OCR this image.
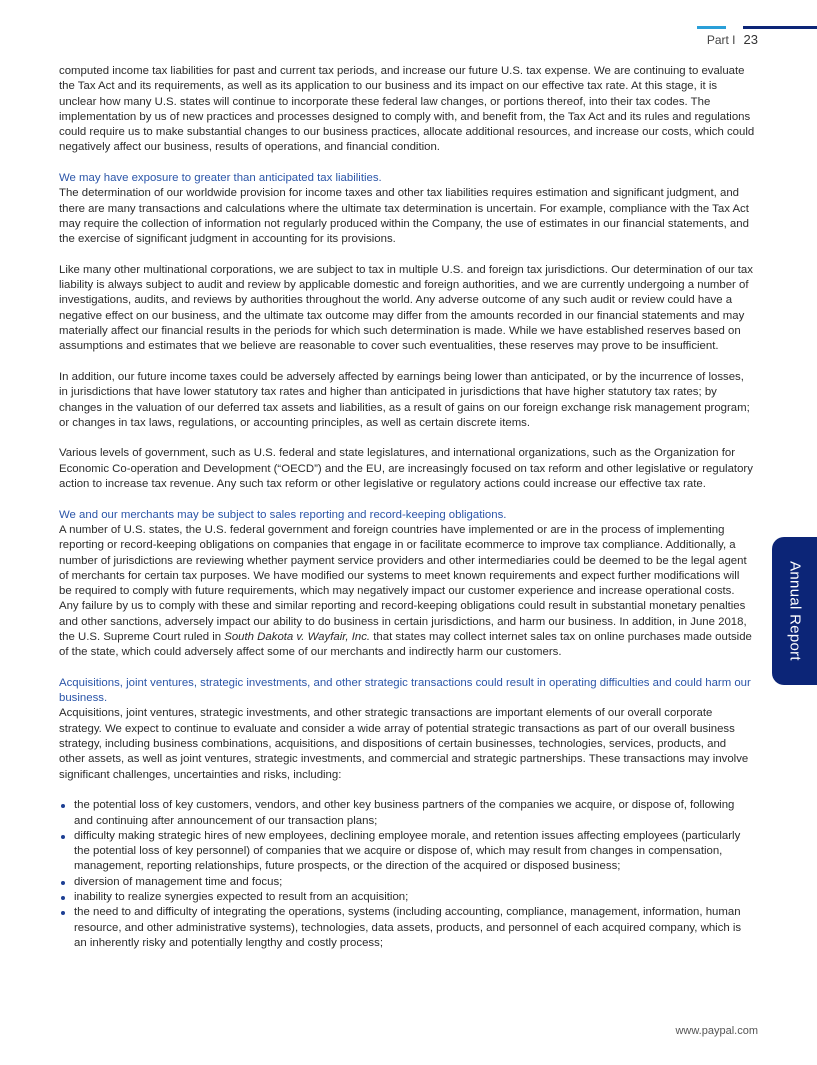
Part I 23

computed income tax liabilities for past and current tax periods, and increase our future U.S. tax expense. We are continuing to evaluate the Tax Act and its requirements, as well as its application to our business and its impact on our effective tax rate. At this stage, it is unclear how many U.S. states will continue to incorporate these federal law changes, or portions thereof, into their tax codes. The implementation by us of new practices and processes designed to comply with, and benefit from, the Tax Act and its rules and regulations could require us to make substantial changes to our business practices, allocate additional resources, and increase our costs, which could negatively affect our business, results of operations, and financial condition.

We may have exposure to greater than anticipated tax liabilities.

The determination of our worldwide provision for income taxes and other tax liabilities requires estimation and significant judgment, and there are many transactions and calculations where the ultimate tax determination is uncertain. For example, compliance with the Tax Act may require the collection of information not regularly produced within the Company, the use of estimates in our financial statements, and the exercise of significant judgment in accounting for its provisions.

Like many other multinational corporations, we are subject to tax in multiple U.S. and foreign tax jurisdictions. Our determination of our tax liability is always subject to audit and review by applicable domestic and foreign authorities, and we are currently undergoing a number of investigations, audits, and reviews by authorities throughout the world. Any adverse outcome of any such audit or review could have a negative effect on our business, and the ultimate tax outcome may differ from the amounts recorded in our financial statements and may materially affect our financial results in the periods for which such determination is made. While we have established reserves based on assumptions and estimates that we believe are reasonable to cover such eventualities, these reserves may prove to be insufficient.

In addition, our future income taxes could be adversely affected by earnings being lower than anticipated, or by the incurrence of losses, in jurisdictions that have lower statutory tax rates and higher than anticipated in jurisdictions that have higher statutory tax rates; by changes in the valuation of our deferred tax assets and liabilities, as a result of gains on our foreign exchange risk management program; or changes in tax laws, regulations, or accounting principles, as well as certain discrete items.

Various levels of government, such as U.S. federal and state legislatures, and international organizations, such as the Organization for Economic Co-operation and Development (“OECD”) and the EU, are increasingly focused on tax reform and other legislative or regulatory action to increase tax revenue. Any such tax reform or other legislative or regulatory actions could increase our effective tax rate.

We and our merchants may be subject to sales reporting and record-keeping obligations.

A number of U.S. states, the U.S. federal government and foreign countries have implemented or are in the process of implementing reporting or record-keeping obligations on companies that engage in or facilitate ecommerce to improve tax compliance. Additionally, a number of jurisdictions are reviewing whether payment service providers and other intermediaries could be deemed to be the legal agent of merchants for certain tax purposes. We have modified our systems to meet known requirements and expect further modifications will be required to comply with future requirements, which may negatively impact our customer experience and increase operational costs. Any failure by us to comply with these and similar reporting and record-keeping obligations could result in substantial monetary penalties and other sanctions, adversely impact our ability to do business in certain jurisdictions, and harm our business. In addition, in June 2018, the U.S. Supreme Court ruled in South Dakota v. Wayfair, Inc. that states may collect internet sales tax on online purchases made outside of the state, which could adversely affect some of our merchants and indirectly harm our customers.

Acquisitions, joint ventures, strategic investments, and other strategic transactions could result in operating difficulties and could harm our business.

Acquisitions, joint ventures, strategic investments, and other strategic transactions are important elements of our overall corporate strategy. We expect to continue to evaluate and consider a wide array of potential strategic transactions as part of our overall business strategy, including business combinations, acquisitions, and dispositions of certain businesses, technologies, services, products, and other assets, as well as joint ventures, strategic investments, and commercial and strategic partnerships. These transactions may involve significant challenges, uncertainties and risks, including:

the potential loss of key customers, vendors, and other key business partners of the companies we acquire, or dispose of, following and continuing after announcement of our transaction plans;
difficulty making strategic hires of new employees, declining employee morale, and retention issues affecting employees (particularly the potential loss of key personnel) of companies that we acquire or dispose of, which may result from changes in compensation, management, reporting relationships, future prospects, or the direction of the acquired or disposed business;
diversion of management time and focus;
inability to realize synergies expected to result from an acquisition;
the need to and difficulty of integrating the operations, systems (including accounting, compliance, management, information, human resource, and other administrative systems), technologies, data assets, products, and personnel of each acquired company, which is an inherently risky and potentially lengthy and costly process;
Annual Report
www.paypal.com
